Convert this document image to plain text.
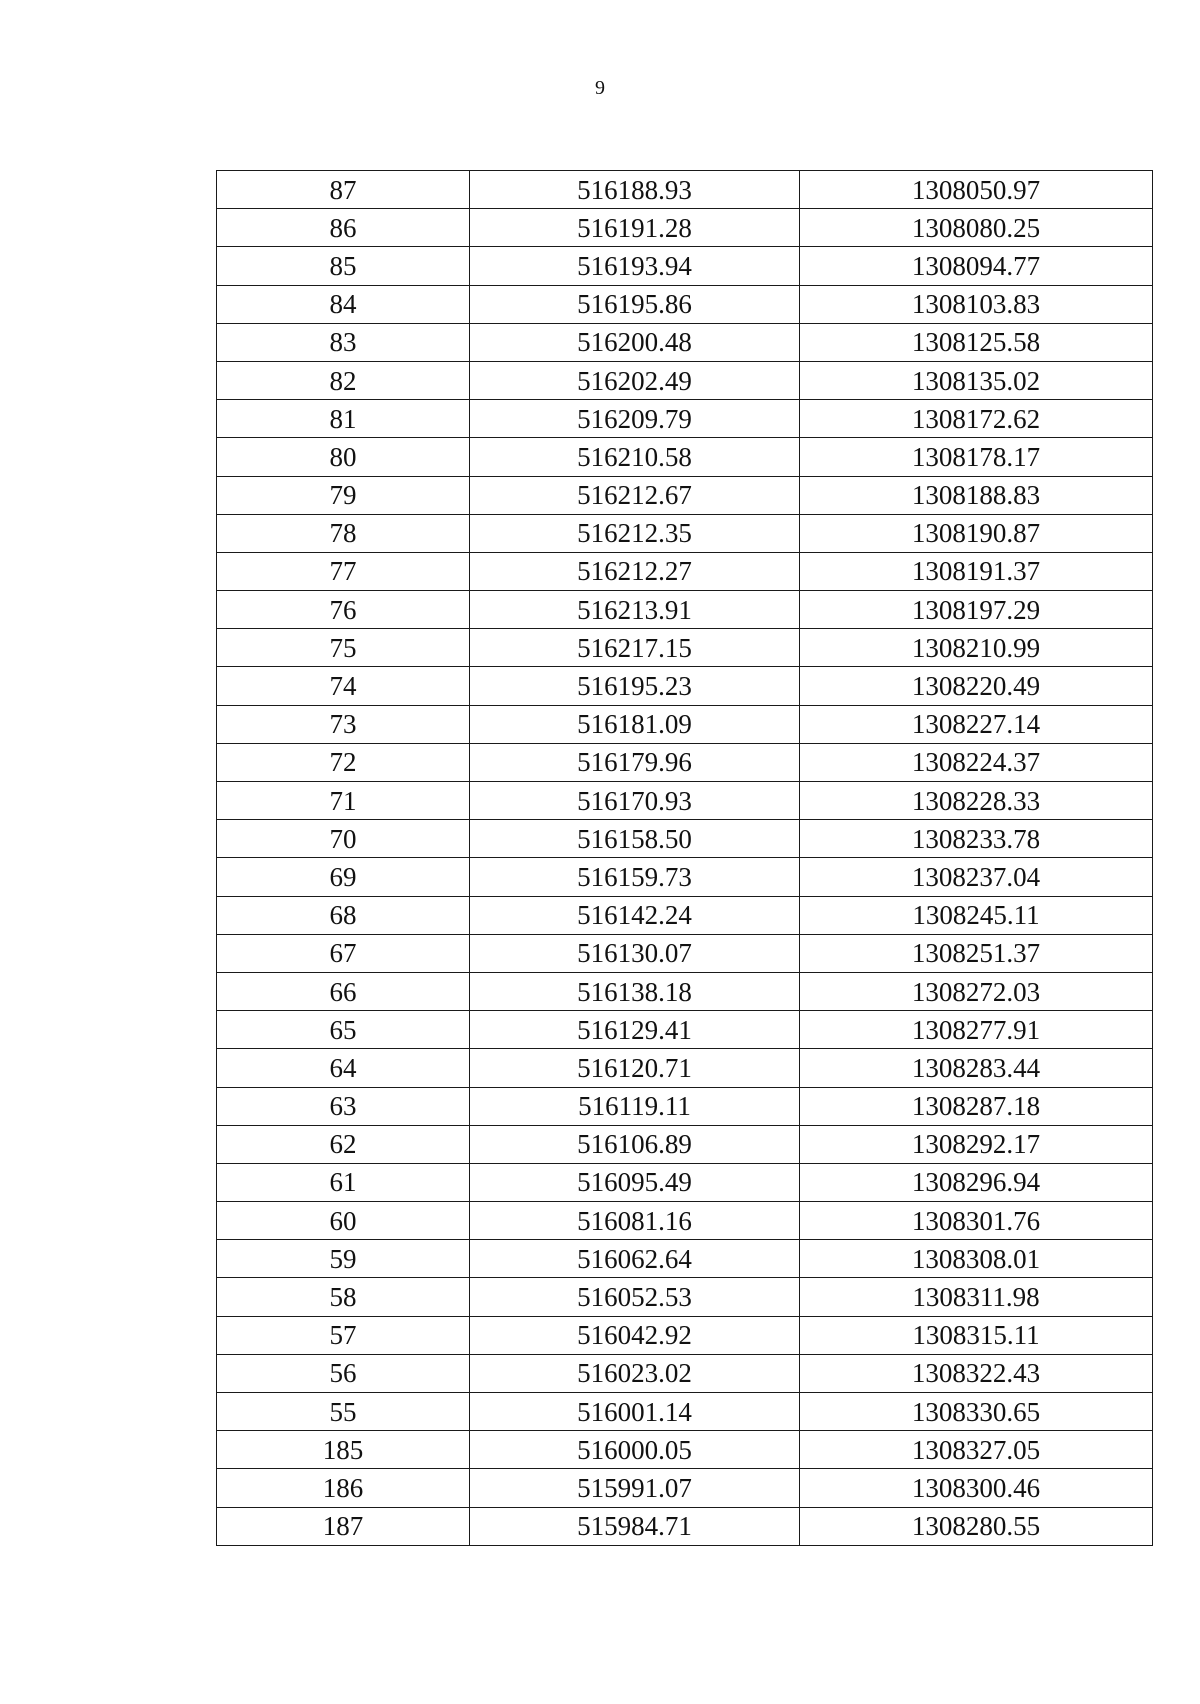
9
87	516188.93	1308050.97
86	516191.28	1308080.25
85	516193.94	1308094.77
84	516195.86	1308103.83
83	516200.48	1308125.58
82	516202.49	1308135.02
81	516209.79	1308172.62
80	516210.58	1308178.17
79	516212.67	1308188.83
78	516212.35	1308190.87
77	516212.27	1308191.37
76	516213.91	1308197.29
75	516217.15	1308210.99
74	516195.23	1308220.49
73	516181.09	1308227.14
72	516179.96	1308224.37
71	516170.93	1308228.33
70	516158.50	1308233.78
69	516159.73	1308237.04
68	516142.24	1308245.11
67	516130.07	1308251.37
66	516138.18	1308272.03
65	516129.41	1308277.91
64	516120.71	1308283.44
63	516119.11	1308287.18
62	516106.89	1308292.17
61	516095.49	1308296.94
60	516081.16	1308301.76
59	516062.64	1308308.01
58	516052.53	1308311.98
57	516042.92	1308315.11
56	516023.02	1308322.43
55	516001.14	1308330.65
185	516000.05	1308327.05
186	515991.07	1308300.46
187	515984.71	1308280.55
